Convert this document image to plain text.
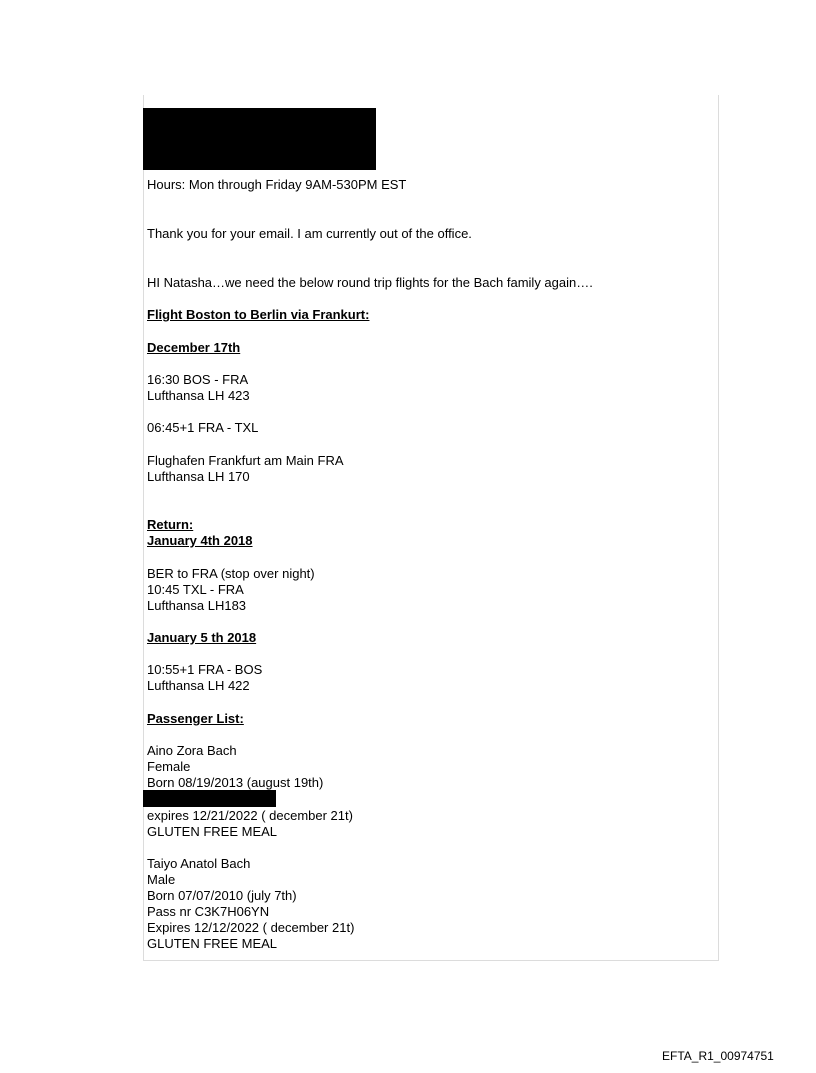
Hours: Mon through Friday 9AM-530PM EST
Thank you for your email. I am currently out of the office.
HI Natasha…we need the below round trip flights for the Bach family again….
Flight Boston to Berlin via Frankurt:
December 17th
16:30 BOS - FRA
Lufthansa LH 423
06:45+1 FRA - TXL
Flughafen Frankfurt am Main FRA
Lufthansa LH 170
Return:
January 4th 2018
BER to FRA (stop over night)
10:45 TXL - FRA
Lufthansa LH183
January 5 th 2018
10:55+1 FRA - BOS
Lufthansa LH 422
Passenger List:
Aino Zora Bach
Female
Born 08/19/2013 (august 19th)
expires 12/21/2022 ( december 21t)
GLUTEN FREE MEAL
Taiyo Anatol Bach
Male
Born 07/07/2010 (july 7th)
Pass nr C3K7H06YN
Expires 12/12/2022 ( december 21t)
GLUTEN FREE MEAL
EFTA_R1_00974751
